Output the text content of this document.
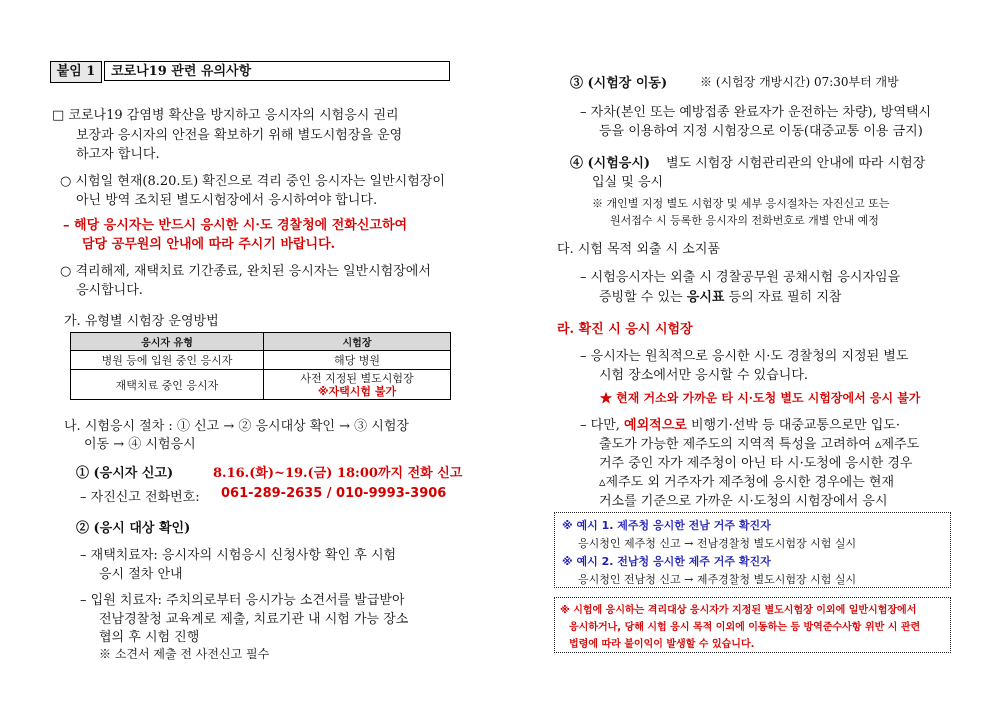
붙임 1	코로나19 관련 유의사항
□ 코로나19 감염병 확산을 방지하고 응시자의 시험응시 권리
보장과 응시자의 안전을 확보하기 위해 별도시험장을 운영
하고자 합니다.
○ 시험일 현재(8.20.토) 확진으로 격리 중인 응시자는 일반시험장이
아닌 방역 조치된 별도시험장에서 응시하여야 합니다.
– 해당 응시자는 반드시 응시한 시·도 경찰청에 전화신고하여
담당 공무원의 안내에 따라 주시기 바랍니다.
○ 격리해제, 재택치료 기간종료, 완치된 응시자는 일반시험장에서
응시합니다.
가. 유형별 시험장 운영방법
응시자 유형	시험장
병원 등에 입원 중인 응시자	해당 병원
재택치료 중인 응시자	사전 지정된 별도시험장
※자택시험 불가
나. 시험응시 절차 : ① 신고 → ② 응시대상 확인 → ③ 시험장
이동 → ④ 시험응시
① (응시자 신고)	8.16.(화)~19.(금) 18:00까지 전화 신고
– 자진신고 전화번호: 061-289-2635 / 010-9993-3906
② (응시 대상 확인)
– 재택치료자: 응시자의 시험응시 신청사항 확인 후 시험
응시 절차 안내
– 입원 치료자: 주치의로부터 응시가능 소견서를 발급받아
전남경찰청 교육계로 제출, 치료기관 내 시험 가능 장소
협의 후 시험 진행
※ 소견서 제출 전 사전신고 필수
③ (시험장 이동)	※ (시험장 개방시간) 07:30부터 개방
– 자차(본인 또는 예방접종 완료자가 운전하는 차량), 방역택시
등을 이용하여 지정 시험장으로 이동(대중교통 이용 금지)
④ (시험응시) 별도 시험장 시험관리관의 안내에 따라 시험장
입실 및 응시
※ 개인별 지정 별도 시험장 및 세부 응시절차는 자진신고 또는
원서접수 시 등록한 응시자의 전화번호로 개별 안내 예정
다. 시험 목적 외출 시 소지품
– 시험응시자는 외출 시 경찰공무원 공채시험 응시자임을
증빙할 수 있는 응시표 등의 자료 필히 지참
라. 확진 시 응시 시험장
– 응시자는 원칙적으로 응시한 시·도 경찰청의 지정된 별도
시험 장소에서만 응시할 수 있습니다.
★ 현재 거소와 가까운 타 시·도청 별도 시험장에서 응시 불가
– 다만, 예외적으로 비행기·선박 등 대중교통으로만 입도·
출도가 가능한 제주도의 지역적 특성을 고려하여 ▵제주도
거주 중인 자가 제주청이 아닌 타 시·도청에 응시한 경우
▵제주도 외 거주자가 제주청에 응시한 경우에는 현재
거소를 기준으로 가까운 시·도청의 시험장에서 응시
※ 예시 1. 제주청 응시한 전남 거주 확진자
응시청인 제주청 신고 → 전남경찰청 별도시험장 시험 실시
※ 예시 2. 전남청 응시한 제주 거주 확진자
응시청인 전남청 신고 → 제주경찰청 별도시험장 시험 실시
※ 시험에 응시하는 격리대상 응시자가 지정된 별도시험장 이외에 일반시험장에서
응시하거나, 당해 시험 응시 목적 이외에 이동하는 등 방역준수사항 위반 시 관련
법령에 따라 불이익이 발생할 수 있습니다.
